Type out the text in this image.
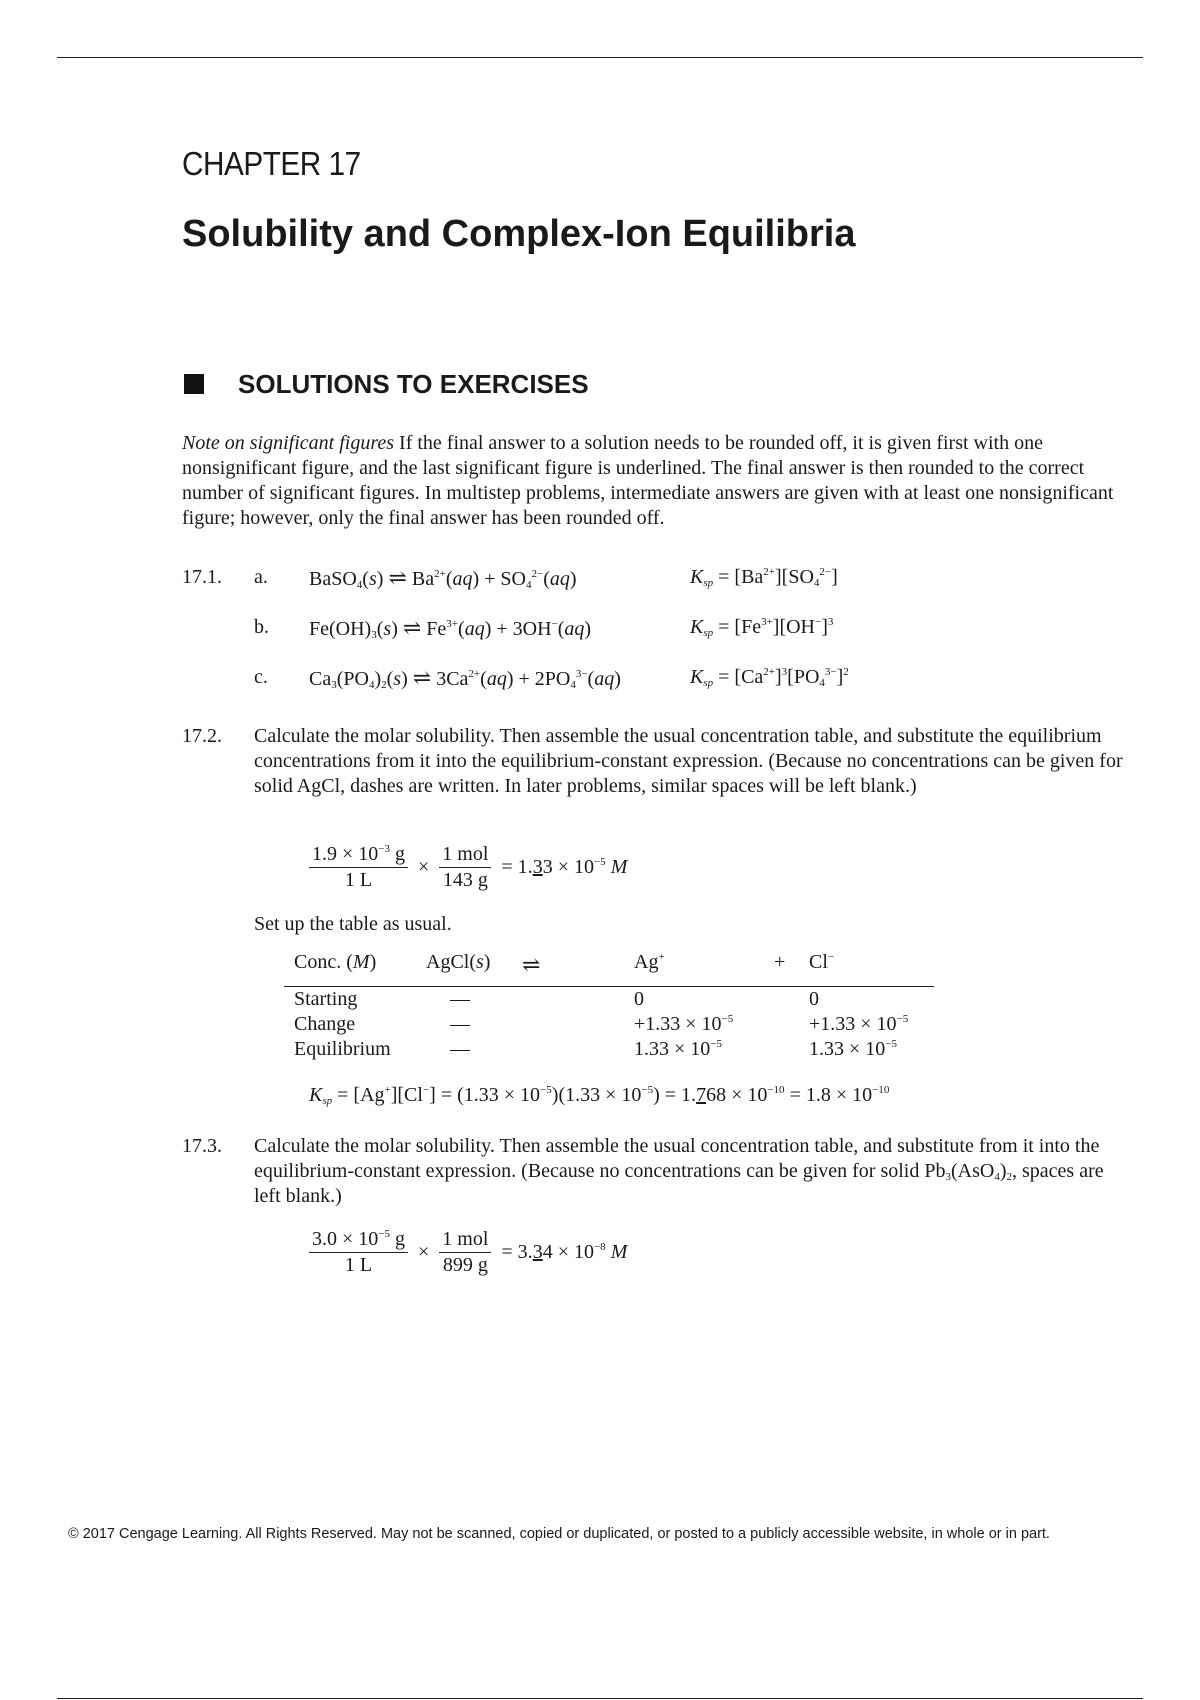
CHAPTER 17
Solubility and Complex-Ion Equilibria
SOLUTIONS TO EXERCISES
Note on significant figures If the final answer to a solution needs to be rounded off, it is given first with one nonsignificant figure, and the last significant figure is underlined. The final answer is then rounded to the correct number of significant figures. In multistep problems, intermediate answers are given with at least one nonsignificant figure; however, only the final answer has been rounded off.
17.1. a. BaSO$_4$(s) ⇌ $Ba^{2+}(aq) + SO_4^{2-}(aq)$	$K_{sp} = [Ba^{2+}][SO_4^{2-}]$
b. $Fe(OH)_3(s)$ ⇌ $Fe^{3+}(aq) + 3OH^-(aq)$	$K_{sp} = [Fe^{3+}][OH^-]^3$
c. $Ca_3(PO_4)_2(s)$ ⇌ $3Ca^{2+}(aq) + 2PO_4^{3-}(aq)$	$K_{sp} = [Ca^{2+}]^3[PO_4^{3-}]^2$
17.2. Calculate the molar solubility. Then assemble the usual concentration table, and substitute the equilibrium concentrations from it into the equilibrium-constant expression. (Because no concentrations can be given for solid AgCl, dashes are written. In later problems, similar spaces will be left blank.)
$\frac{1.9 \times 10^{-3} g}{1 L} \times \frac{\text{1 mol}}{143 g} = 1.33 \times 10^{-5}$ M
Set up the table as usual.
Conc. (M) AgCl(s) ⇌	Ag+	+ Cl−
Starting	—	0	0
Change	—	$+1.33 \times 10^{-5}$	$+1.33 \times 10^{-5}$
Equilibrium	—	$1.33 \times 10^{-5}$	$1.33 \times 10^{-5}$
$K_{sp} = [Ag^+][Cl^-] = (1.33 \times 10^{-5})(1.33 \times 10^{-5}) = 1.768 \times 10^{-10} = 1.8 \times 10^{-10}$
17.3. Calculate the molar solubility. Then assemble the usual concentration table, and substitute from it into the equilibrium-constant expression. (Because no concentrations can be given for solid $Pb_3(AsO_4)_2$, spaces are left blank.)
$\frac{3.0 \times 10^{-5} g}{1 L} \times \frac{\text{1 mol}}{899 g} = 3.34 \times 10^{-8}$ M
© 2017 Cengage Learning. All Rights Reserved. May not be scanned, copied or duplicated, or posted to a publicly accessible website, in whole or in part.
